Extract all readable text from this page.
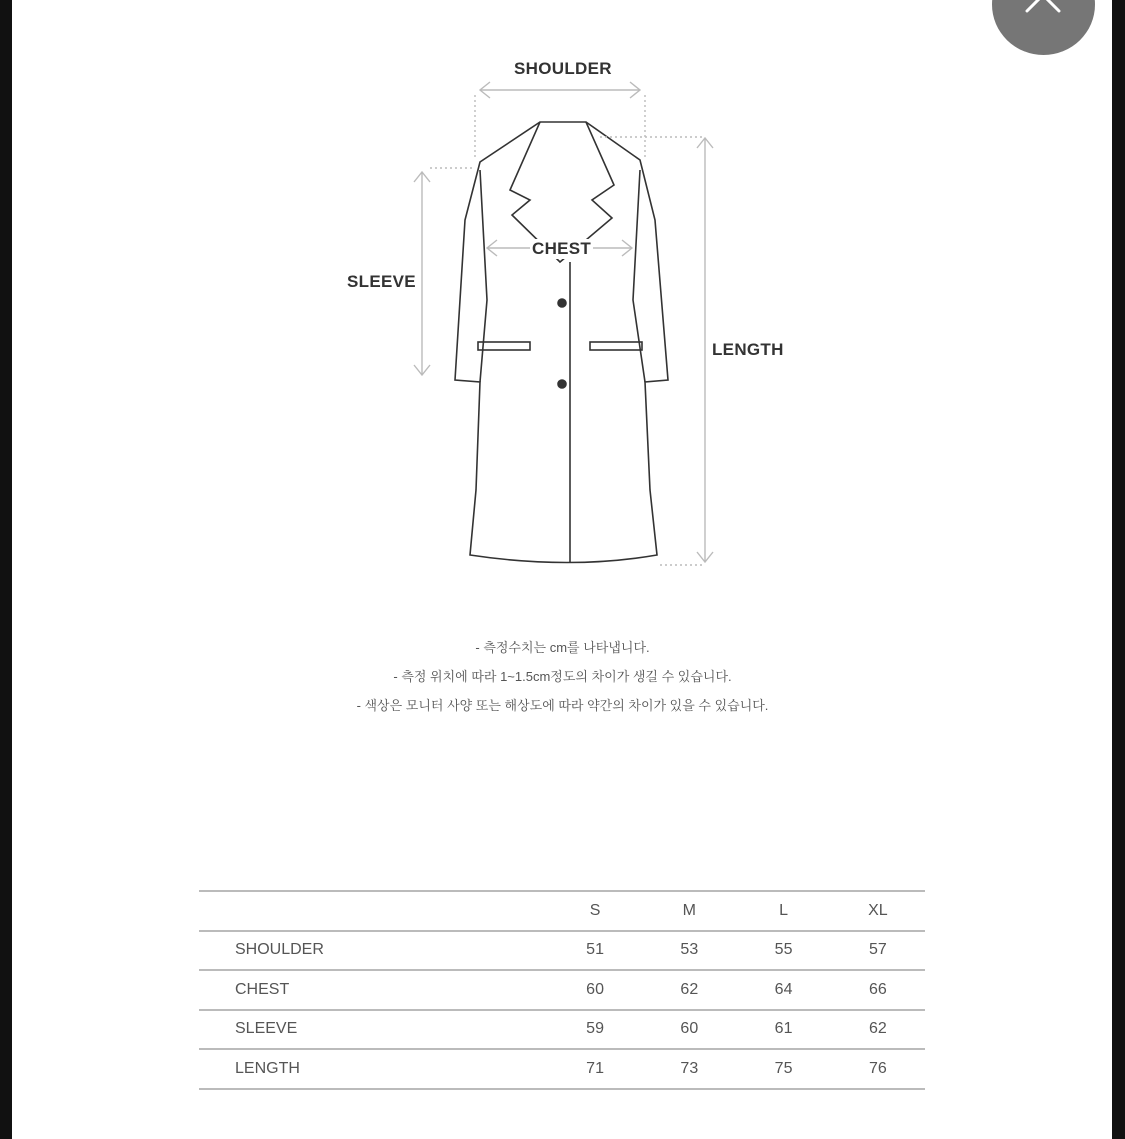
SHOULDER
CHEST
SLEEVE
LENGTH
- 측정수치는 cm를 나타냅니다.
- 측정 위치에 따라 1~1.5cm정도의 차이가 생길 수 있습니다.
- 색상은 모니터 사양 또는 해상도에 따라 약간의 차이가 있을 수 있습니다.
	S	M	L	XL
SHOULDER	51	53	55	57
CHEST	60	62	64	66
SLEEVE	59	60	61	62
LENGTH	71	73	75	76
